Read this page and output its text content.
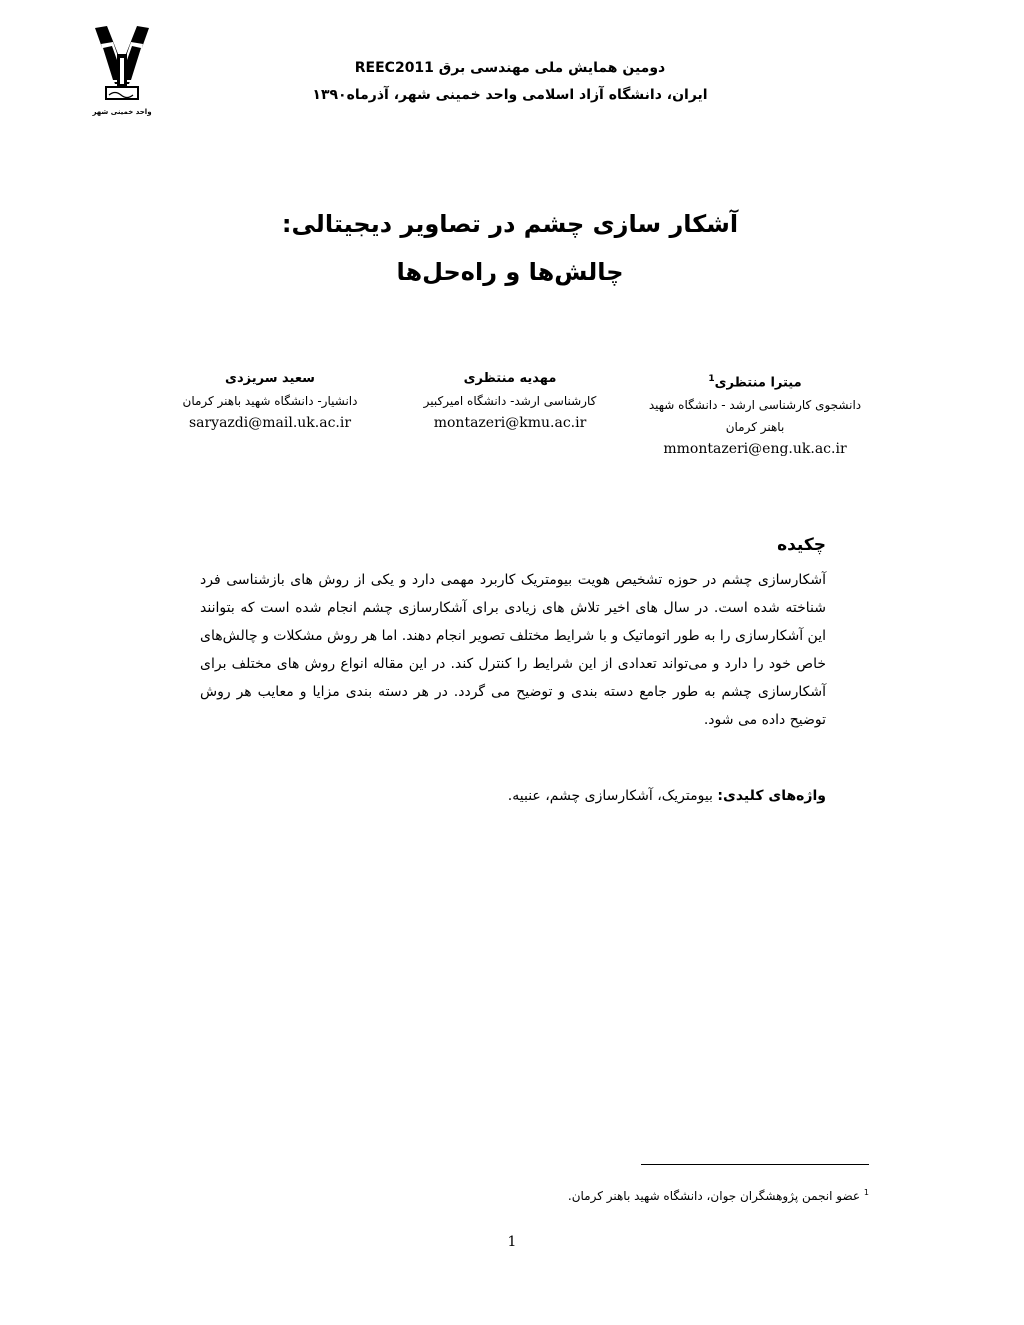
واحد خمینی شهر
دومین همایش ملی مهندسی برق REEC2011
ایران، دانشگاه آزاد اسلامی واحد خمینی شهر، آذرماه۱۳۹۰
آشکار سازی چشم در تصاویر دیجیتالی:
چالش‌ها و راه‌حل‌ها
میترا منتظری$^1$
دانشجوی کارشناسی ارشد - دانشگاه شهید
باهنر کرمان
mmontazeri@eng.uk.ac.ir
مهدیه منتظری
کارشناسی ارشد- دانشگاه امیرکبیر
montazeri@kmu.ac.ir
سعید سریزدی
دانشیار- دانشگاه شهید باهنر کرمان
saryazdi@mail.uk.ac.ir
چکیده
آشکارسازی چشم در حوزه تشخیص هویت بیومتریک کاربرد مهمی دارد و یکی از روش های بازشناسی فرد شناخته شده است. در سال های اخیر تلاش های زیادی برای آشکارسازی چشم انجام شده است که بتوانند این آشکارسازی را به طور اتوماتیک و با شرایط مختلف تصویر انجام دهند. اما هر روش مشکلات و چالش‌های خاص خود را دارد و می‌تواند تعدادی از این شرایط را کنترل کند. در این مقاله انواع روش های مختلف برای آشکارسازی چشم به طور جامع دسته بندی و توضیح می گردد. در هر دسته بندی مزایا و معایب هر روش توضیح داده می شود.
واژه‌های کلیدی: بیومتریک، آشکارسازی چشم، عنبیه.
$^1$ عضو انجمن پژوهشگران جوان، دانشگاه شهید باهنر کرمان.
1
